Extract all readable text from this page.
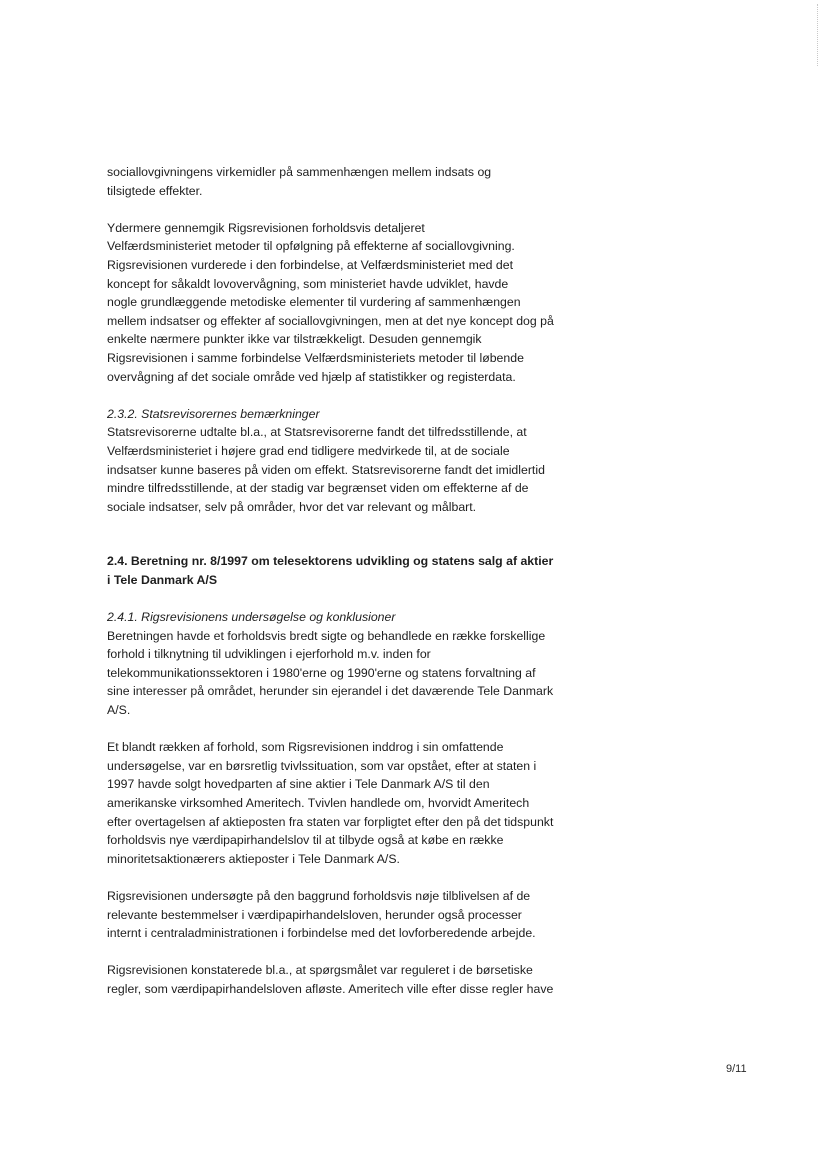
sociallovgivningens virkemidler på sammenhængen mellem indsats og
tilsigtede effekter.

Ydermere gennemgik Rigsrevisionen forholdsvis detaljeret
Velfærdsministeriet metoder til opfølgning på effekterne af sociallovgivning.
Rigsrevisionen vurderede i den forbindelse, at Velfærdsministeriet med det
koncept for såkaldt lovovervågning, som ministeriet havde udviklet, havde
nogle grundlæggende metodiske elementer til vurdering af sammenhængen
mellem indsatser og effekter af sociallovgivningen, men at det nye koncept dog på
enkelte nærmere punkter ikke var tilstrækkeligt. Desuden gennemgik
Rigsrevisionen i samme forbindelse Velfærdsministeriets metoder til løbende
overvågning af det sociale område ved hjælp af statistikker og registerdata.

2.3.2. Statsrevisorernes bemærkninger

Statsrevisorerne udtalte bl.a., at Statsrevisorerne fandt det tilfredsstillende, at
Velfærdsministeriet i højere grad end tidligere medvirkede til, at de sociale
indsatser kunne baseres på viden om effekt. Statsrevisorerne fandt det imidlertid
mindre tilfredsstillende, at der stadig var begrænset viden om effekterne af de
sociale indsatser, selv på områder, hvor det var relevant og målbart.

2.4. Beretning nr. 8/1997 om telesektorens udvikling og statens salg af aktier
i Tele Danmark A/S

2.4.1. Rigsrevisionens undersøgelse og konklusioner

Beretningen havde et forholdsvis bredt sigte og behandlede en række forskellige
forhold i tilknytning til udviklingen i ejerforhold m.v. inden for
telekommunikationssektoren i 1980'erne og 1990'erne og statens forvaltning af
sine interesser på området, herunder sin ejerandel i det daværende Tele Danmark
A/S.

Et blandt rækken af forhold, som Rigsrevisionen inddrog i sin omfattende
undersøgelse, var en børsretlig tvivlssituation, som var opstået, efter at staten i
1997 havde solgt hovedparten af sine aktier i Tele Danmark A/S til den
amerikanske virksomhed Ameritech. Tvivlen handlede om, hvorvidt Ameritech
efter overtagelsen af aktieposten fra staten var forpligtet efter den på det tidspunkt
forholdsvis nye værdipapirhandelslov til at tilbyde også at købe en række
minoritetsaktionærers aktieposter i Tele Danmark A/S.

Rigsrevisionen undersøgte på den baggrund forholdsvis nøje tilblivelsen af de
relevante bestemmelser i værdipapirhandelsloven, herunder også processer
internt i centraladministrationen i forbindelse med det lovforberedende arbejde.

Rigsrevisionen konstaterede bl.a., at spørgsmålet var reguleret i de børsetiske
regler, som værdipapirhandelsloven afløste. Ameritech ville efter disse regler have

9/11
